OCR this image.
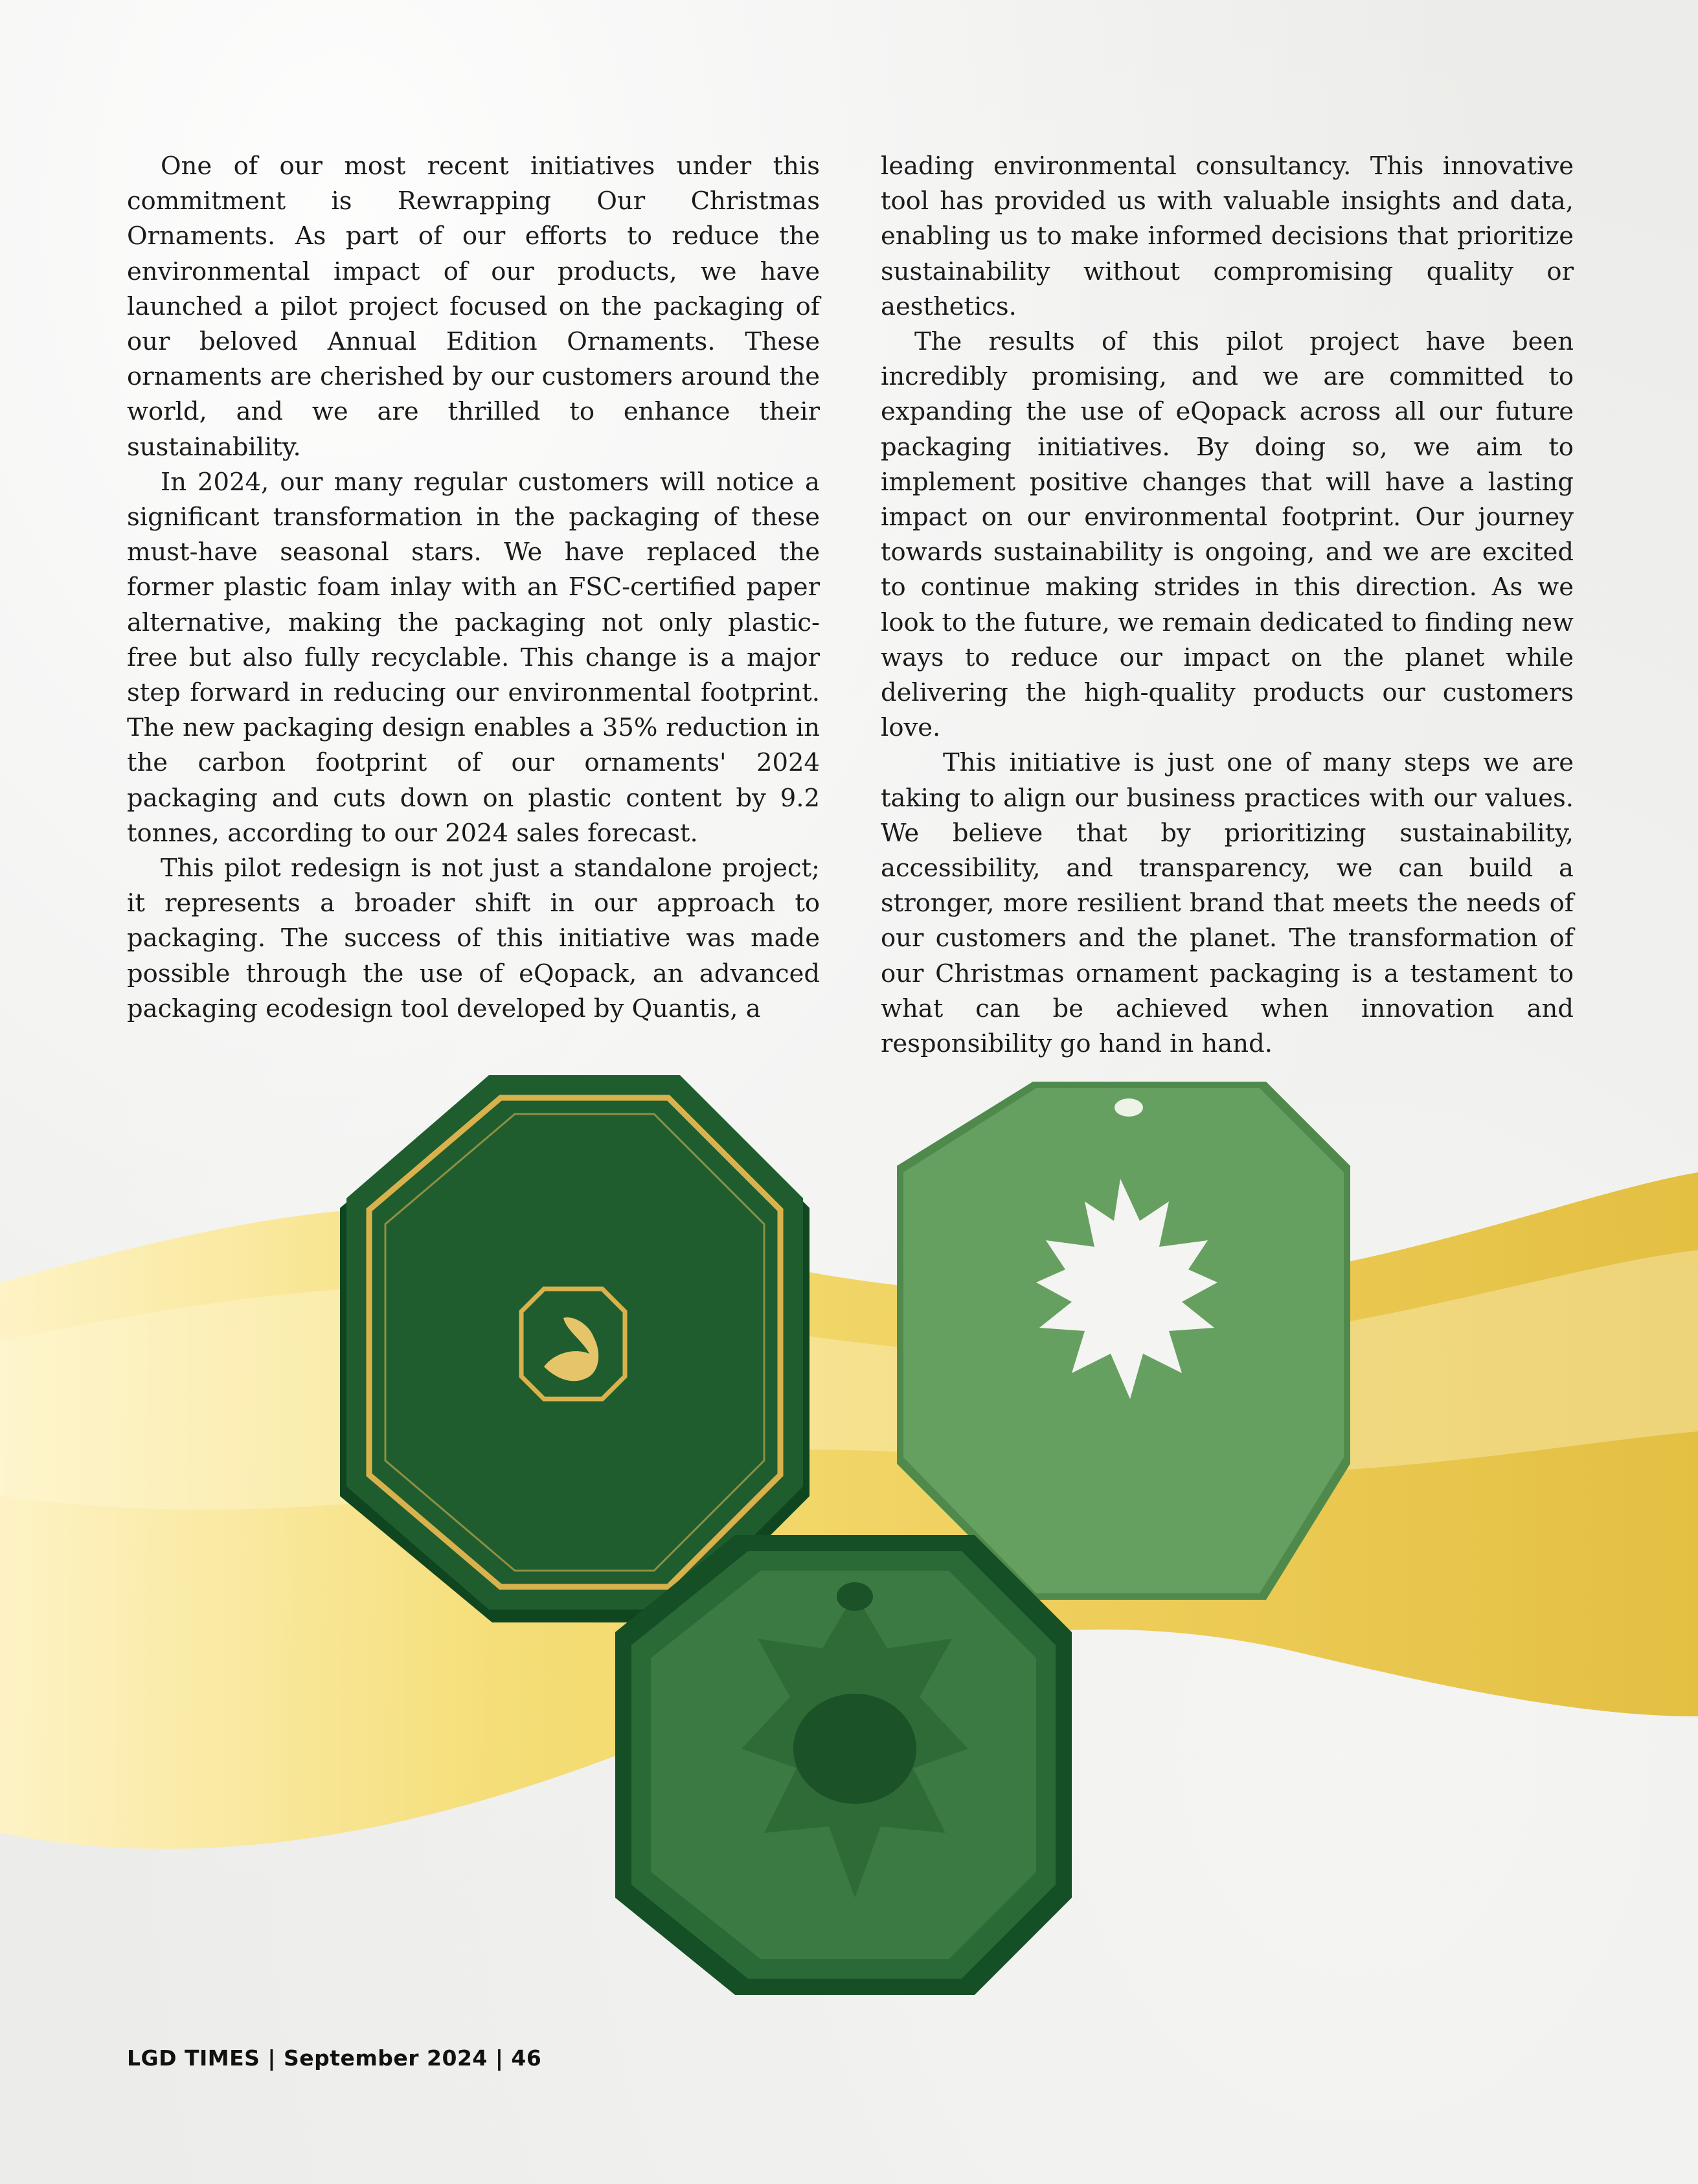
One of our most recent initiatives under this commitment is Rewrapping Our Christmas Ornaments. As part of our efforts to reduce the environmental impact of our products, we have launched a pilot project focused on the packaging of our beloved Annual Edition Ornaments. These ornaments are cherished by our customers around the world, and we are thrilled to enhance their sustainability.

In 2024, our many regular customers will notice a significant transformation in the packaging of these must-have seasonal stars. We have replaced the former plastic foam inlay with an FSC-certified paper alternative, making the packaging not only plastic-free but also fully recyclable. This change is a major step forward in reducing our environmental footprint. The new packaging design enables a 35% reduction in the carbon footprint of our ornaments' 2024 packaging and cuts down on plastic content by 9.2 tonnes, according to our 2024 sales forecast.

This pilot redesign is not just a standalone project; it represents a broader shift in our approach to packaging. The success of this initiative was made possible through the use of eQopack, an advanced packaging ecodesign tool developed by Quantis, a

leading environmental consultancy. This innovative tool has provided us with valuable insights and data, enabling us to make informed decisions that prioritize sustainability without compromising quality or aesthetics.

The results of this pilot project have been incredibly promising, and we are committed to expanding the use of eQopack across all our future packaging initiatives. By doing so, we aim to implement positive changes that will have a lasting impact on our environmental footprint. Our journey towards sustainability is ongoing, and we are excited to continue making strides in this direction. As we look to the future, we remain dedicated to finding new ways to reduce our impact on the planet while delivering the high-quality products our customers love.

This initiative is just one of many steps we are taking to align our business practices with our values. We believe that by prioritizing sustainability, accessibility, and transparency, we can build a stronger, more resilient brand that meets the needs of our customers and the planet. The transformation of our Christmas ornament packaging is a testament to what can be achieved when innovation and responsibility go hand in hand.

LGD TIMES | September 2024 | 46
